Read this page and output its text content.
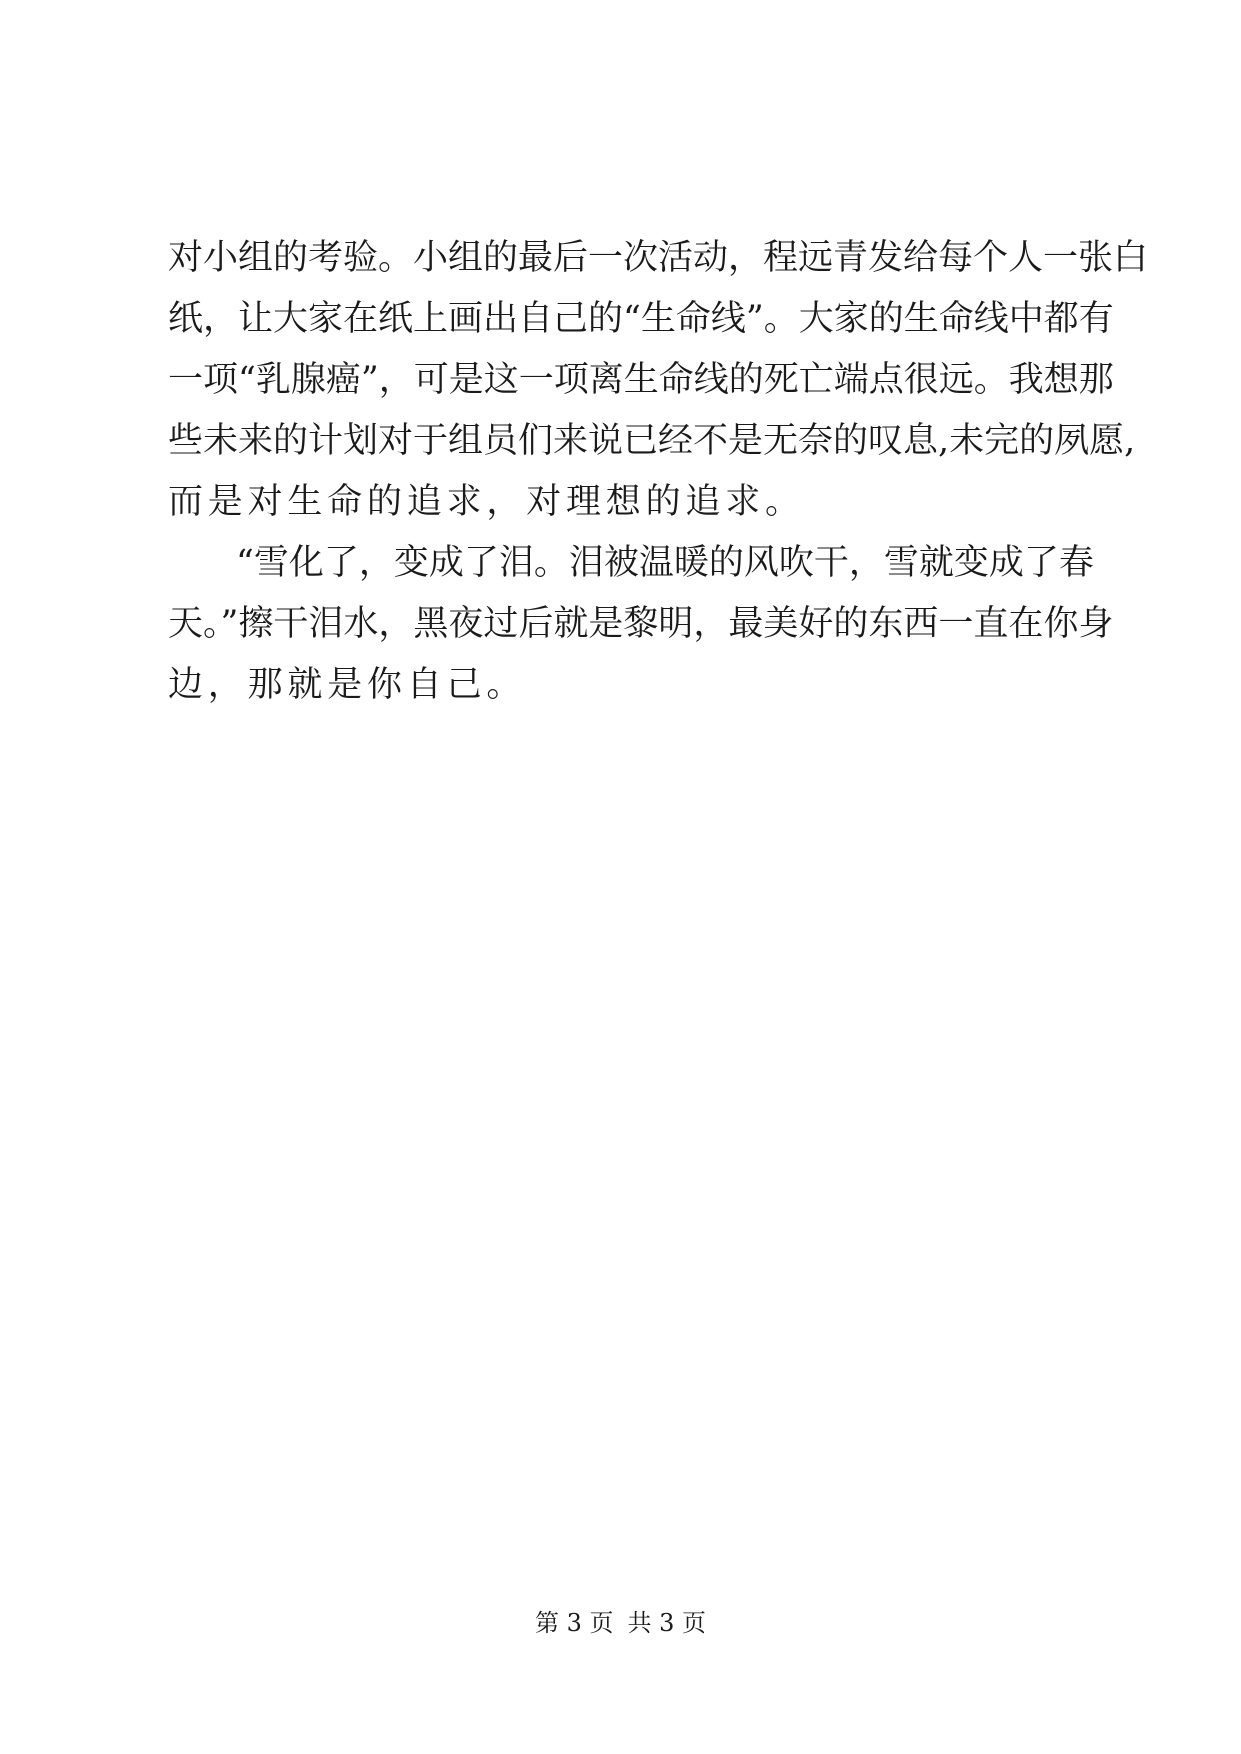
对小组的考验。小组的最后一次活动，程远青发给每个人一张白
纸，让大家在纸上画出自己的“生命线”。大家的生命线中都有
一项“乳腺癌”，可是这一项离生命线的死亡端点很远。我想那
些未来的计划对于组员们来说已经不是无奈的叹息,未完的夙愿,
而是对生命的追求，对理想的追求。
“雪化了，变成了泪。泪被温暖的风吹干，雪就变成了春
天。”擦干泪水，黑夜过后就是黎明，最美好的东西一直在你身
边，那就是你自己。
第 3 页 共 3 页
